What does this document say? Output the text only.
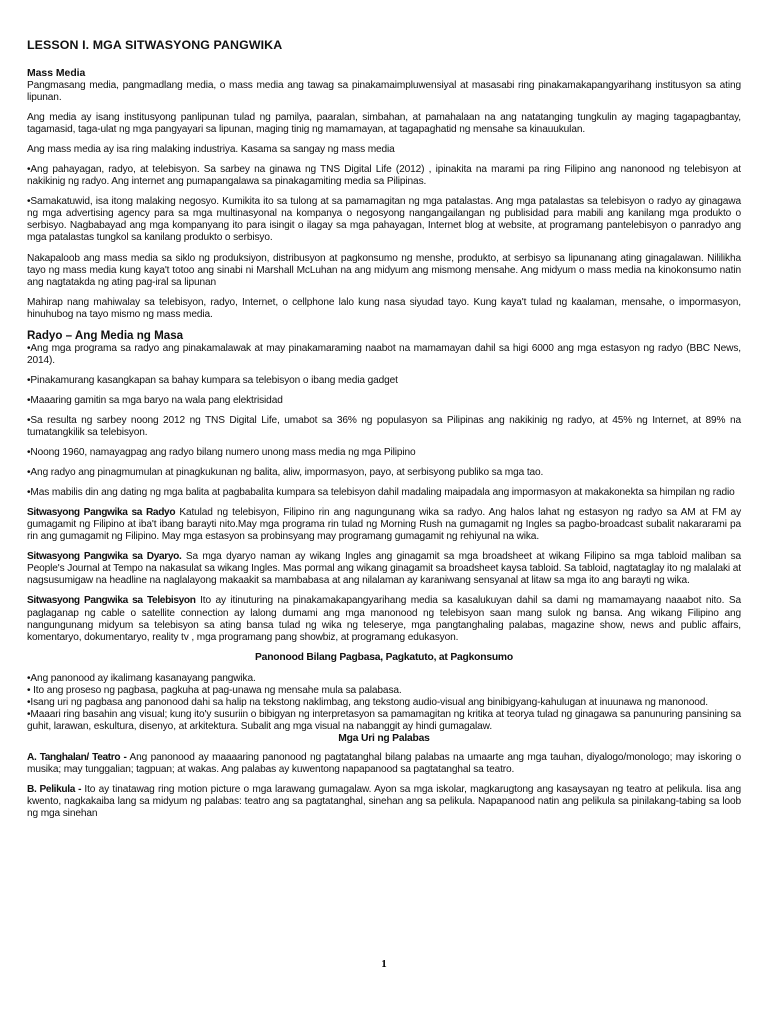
LESSON I. MGA SITWASYONG PANGWIKA
Mass Media

Pangmasang media, pangmadlang media, o mass media ang tawag sa pinakamaimpluwensiyal at masasabi ring pinakamakapangyarihang institusyon sa ating lipunan.

Ang media ay isang institusyong panlipunan tulad ng pamilya, paaralan, simbahan, at pamahalaan na ang natatanging tungkulin ay maging tagapagbantay, tagamasid, taga-ulat ng mga pangyayari sa lipunan, maging tinig ng mamamayan, at tagapaghatid ng mensahe sa kinauukulan.

Ang mass media ay isa ring malaking industriya. Kasama sa sangay ng mass media

•Ang pahayagan, radyo, at telebisyon. Sa sarbey na ginawa ng TNS Digital Life (2012) , ipinakita na marami pa ring Filipino ang nanonood ng telebisyon at nakikinig ng radyo. Ang internet ang pumapangalawa sa pinakagamiting media sa Pilipinas.

•Samakatuwid, isa itong malaking negosyo. Kumikita ito sa tulong at sa pamamagitan ng mga patalastas. Ang mga patalastas sa telebisyon o radyo ay ginagawa ng mga advertising agency para sa mga multinasyonal na kompanya o negosyong nangangailangan ng publisidad para mabili ang kanilang mga produkto o serbisyo. Nagbabayad ang mga kompanyang ito para isingit o ilagay sa mga pahayagan, Internet blog at website, at programang pantelebisyon o panradyo ang mga patalastas tungkol sa kanilang produkto o serbisyo.

Nakapaloob ang mass media sa siklo ng produksiyon, distribusyon at pagkonsumo ng menshe, produkto, at serbisyo sa lipunanang ating ginagalawan. Nililikha tayo ng mass media kung kaya't totoo ang sinabi ni Marshall McLuhan na ang midyum ang mismong mensahe. Ang midyum o mass media na kinokonsumo natin ang nagtatakda ng ating pag-iral sa lipunan

Mahirap nang mahiwalay sa telebisyon, radyo, Internet, o cellphone lalo kung nasa siyudad tayo. Kung kaya't tulad ng kaalaman, mensahe, o impormasyon, hinuhubog na tayo mismo ng mass media.

Radyo – Ang Media ng Masa

•Ang mga programa sa radyo ang pinakamalawak at may pinakamaraming naabot na mamamayan dahil sa higi 6000 ang mga estasyon ng radyo (BBC News, 2014).

•Pinakamurang kasangkapan sa bahay kumpara sa telebisyon o ibang media gadget

•Maaaring gamitin sa mga baryo na wala pang elektrisidad

•Sa resulta ng sarbey noong 2012 ng TNS Digital Life, umabot sa 36% ng populasyon sa Pilipinas ang nakikinig ng radyo, at 45% ng Internet, at 89% na tumatangkilik sa telebisyon.

•Noong 1960, namayagpag ang radyo bilang numero unong mass media ng mga Pilipino

•Ang radyo ang pinagmumulan at pinagkukunan ng balita, aliw, impormasyon, payo, at serbisyong publiko sa mga tao.

•Mas mabilis din ang dating ng mga balita at pagbabalita kumpara sa telebisyon dahil madaling maipadala ang impormasyon at makakonekta sa himpilan ng radio

Sitwasyong Pangwika sa Radyo Katulad ng telebisyon, Filipino rin ang nagungunang wika sa radyo. Ang halos lahat ng estasyon ng radyo sa AM at FM ay gumagamit ng Filipino at iba't ibang barayti nito.May mga programa rin tulad ng Morning Rush na gumagamit ng Ingles sa pagbo-broadcast subalit nakararami pa rin ang gumagamit ng Filipino. May mga estasyon sa probinsyang may programang gumagamit ng rehiyunal na wika.

Sitwasyong Pangwika sa Dyaryo. Sa mga dyaryo naman ay wikang Ingles ang ginagamit sa mga broadsheet at wikang Filipino sa mga tabloid maliban sa People's Journal at Tempo na nakasulat sa wikang Ingles. Mas pormal ang wikang ginagamit sa broadsheet kaysa tabloid. Sa tabloid, nagtataglay ito ng malalaki at nagsusumigaw na headline na naglalayong makaakit sa mambabasa at ang nilalaman ay karaniwang sensyanal at litaw sa mga ito ang barayti ng wika.

Sitwasyong Pangwika sa Telebisyon Ito ay itinuturing na pinakamakapangyarihang media sa kasalukuyan dahil sa dami ng mamamayang naaabot nito. Sa paglaganap ng cable o satellite connection ay lalong dumami ang mga manonood ng telebisyon saan mang sulok ng bansa. Ang wikang Filipino ang nangungunang midyum sa telebisyon sa ating bansa tulad ng wika ng teleserye, mga pangtanghaling palabas, magazine show, news and public affairs, komentaryo, dokumentaryo, reality tv , mga programang pang showbiz, at programang edukasyon.

Panonood Bilang Pagbasa, Pagkatuto, at Pagkonsumo

•Ang panonood ay ikalimang kasanayang pangwika.

• Ito ang proseso ng pagbasa, pagkuha at pag-unawa ng mensahe mula sa palabasa.

•Isang uri ng pagbasa ang panonood dahi sa halip na tekstong naklimbag, ang tekstong audio-visual ang binibigyang-kahulugan at inuunawa ng manonood.

•Maaari ring basahin ang visual; kung ito'y susuriin o bibigyan ng interpretasyon sa pamamagitan ng kritika at teorya tulad ng ginagawa sa panunuring pansining sa guhit, larawan, eskultura, disenyo, at arkitektura. Subalit ang mga visual na nabanggit ay hindi gumagalaw.

Mga Uri ng Palabas

A. Tanghalan/ Teatro - Ang panonood ay maaaaring panonood ng pagtatanghal bilang palabas na umaarte ang mga tauhan, diyalogo/monologo; may iskoring o musika; may tunggalian; tagpuan; at wakas. Ang palabas ay kuwentong napapanood sa pagtatanghal sa teatro.

B. Pelikula - Ito ay tinatawag ring motion picture o mga larawang gumagalaw. Ayon sa mga iskolar, magkarugtong ang kasaysayan ng teatro at pelikula. Iisa ang kwento, nagkakaiba lang sa midyum ng palabas: teatro ang sa pagtatanghal, sinehan ang sa pelikula. Napapanood natin ang pelikula sa pinilakang-tabing sa loob ng mga sinehan

1
